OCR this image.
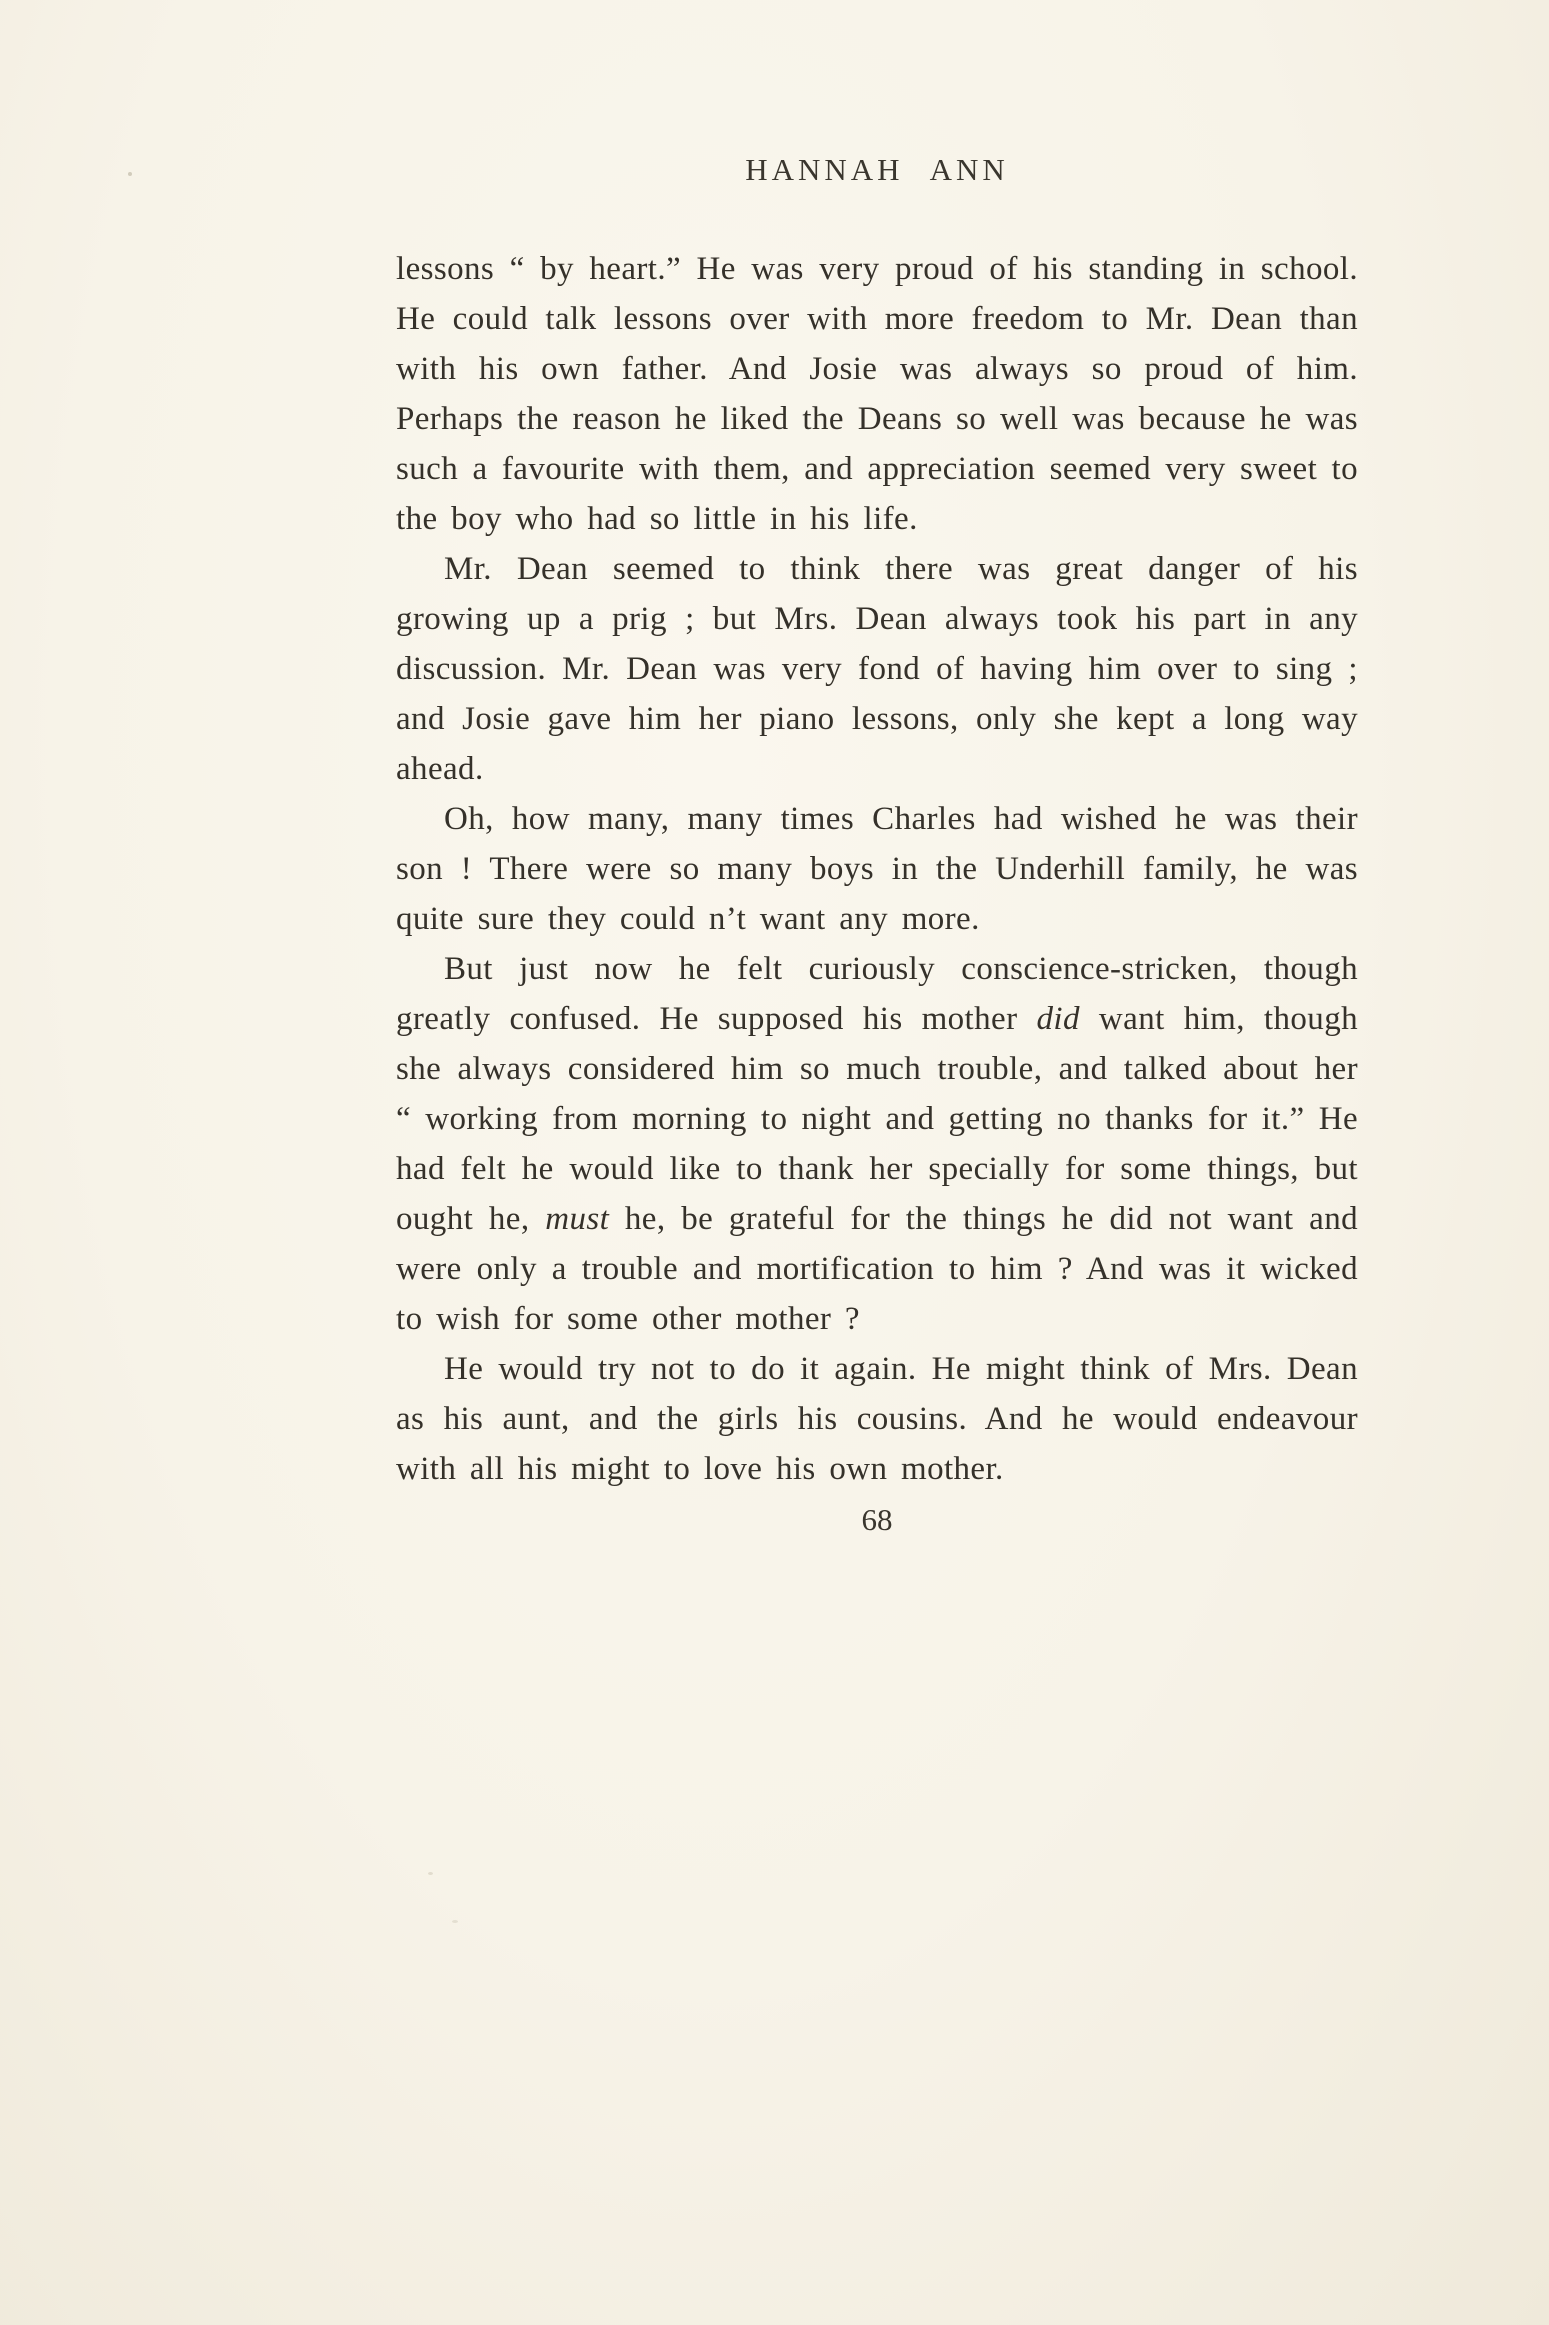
HANNAH ANN

lessons “ by heart.” He was very proud of his standing in school. He could talk lessons over with more freedom to Mr. Dean than with his own father. And Josie was always so proud of him. Perhaps the reason he liked the Deans so well was because he was such a favourite with them, and appreciation seemed very sweet to the boy who had so little in his life.

Mr. Dean seemed to think there was great danger of his growing up a prig ; but Mrs. Dean always took his part in any discussion. Mr. Dean was very fond of having him over to sing ; and Josie gave him her piano lessons, only she kept a long way ahead.

Oh, how many, many times Charles had wished he was their son ! There were so many boys in the Underhill family, he was quite sure they could n’t want any more.

But just now he felt curiously conscience-stricken, though greatly confused. He supposed his mother did want him, though she always considered him so much trouble, and talked about her “ working from morning to night and getting no thanks for it.” He had felt he would like to thank her specially for some things, but ought he, must he, be grateful for the things he did not want and were only a trouble and mortification to him ? And was it wicked to wish for some other mother ?

He would try not to do it again. He might think of Mrs. Dean as his aunt, and the girls his cousins. And he would endeavour with all his might to love his own mother.

68
